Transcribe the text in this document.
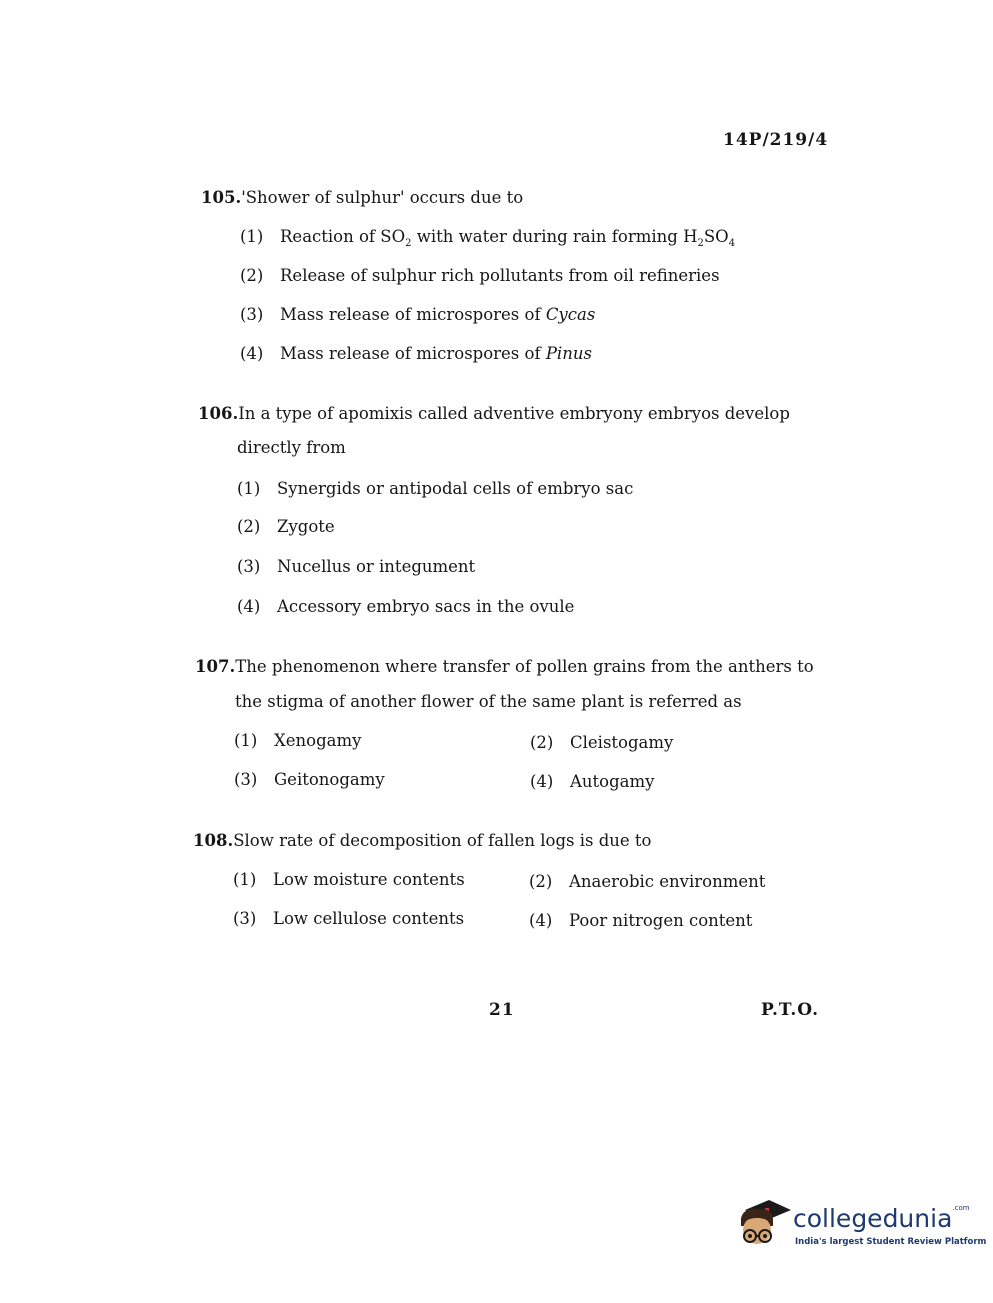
14P/219/4
105.'Shower of sulphur' occurs due to
(1) Reaction of $SO_2$ with water during rain forming $H_2SO_4$
(2) Release of sulphur rich pollutants from oil refineries
(3) Mass release of microspores of Cycas
(4) Mass release of microspores of Pinus
106.In a type of apomixis called adventive embryony embryos develop
directly from
(1) Synergids or antipodal cells of embryo sac
(2) Zygote
(3) Nucellus or integument
(4) Accessory embryo sacs in the ovule
107.The phenomenon where transfer of pollen grains from the anthers to
the stigma of another flower of the same plant is referred as
(1) Xenogamy	(2) Cleistogamy
(3) Geitonogamy	(4) Autogamy
108.Slow rate of decomposition of fallen logs is due to
(1) Low moisture contents	(2) Anaerobic environment
(3) Low cellulose contents	(4) Poor nitrogen content
21	P.T.O.
collegedunia$^{.com}$
India's largest Student Review Platform
